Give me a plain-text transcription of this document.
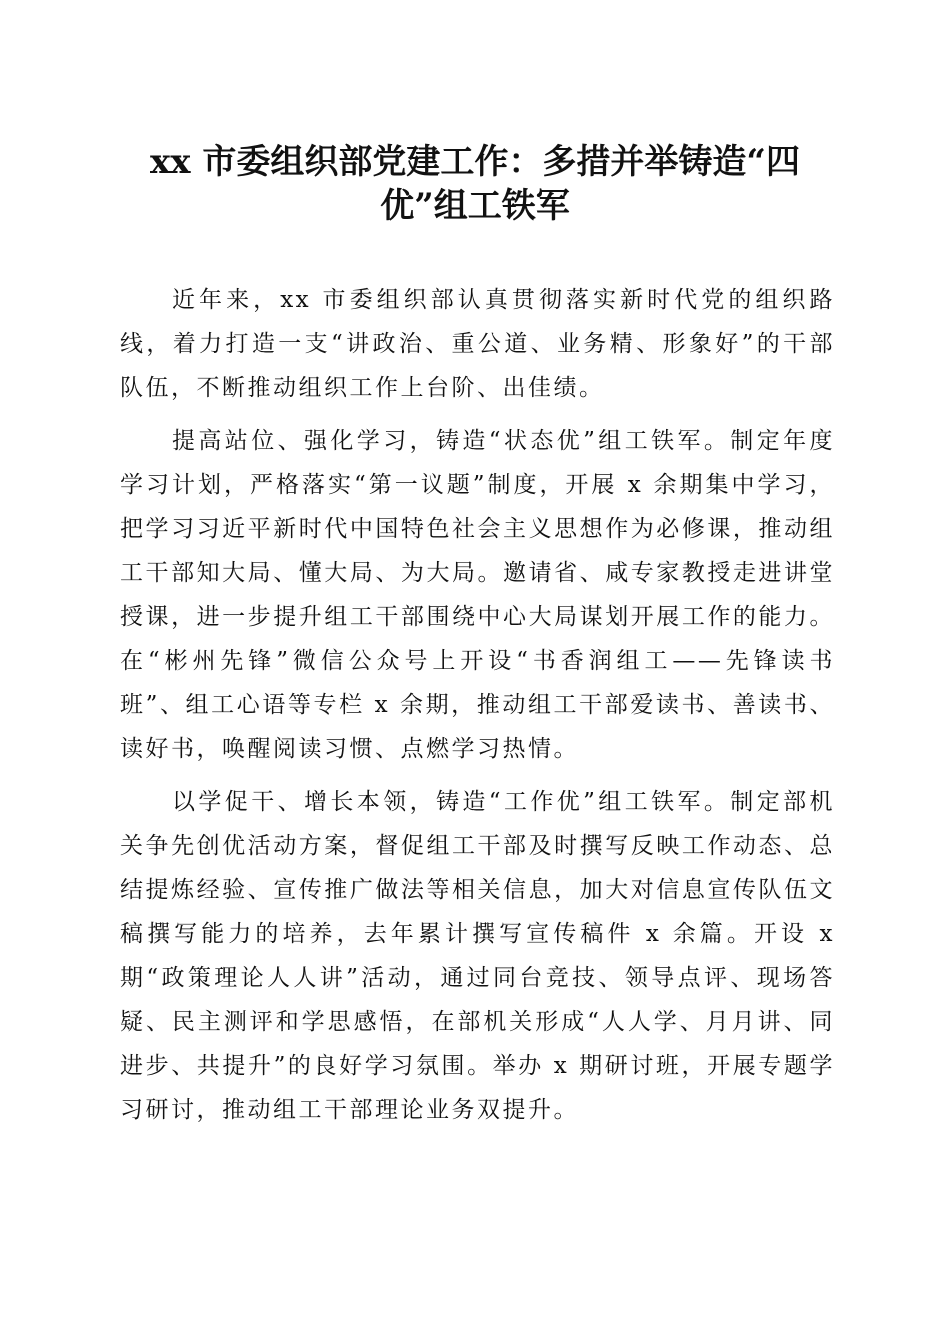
xx 市委组织部党建工作：多措并举铸造“四
优”组工铁军

近年来，xx 市委组织部认真贯彻落实新时代党的组织路线，着力打造一支“讲政治、重公道、业务精、形象好”的干部队伍，不断推动组织工作上台阶、出佳绩。

提高站位、强化学习，铸造“状态优”组工铁军。制定年度学习计划，严格落实“第一议题”制度，开展 x 余期集中学习，把学习习近平新时代中国特色社会主义思想作为必修课，推动组工干部知大局、懂大局、为大局。邀请省、咸专家教授走进讲堂授课，进一步提升组工干部围绕中心大局谋划开展工作的能力。在“彬州先锋”微信公众号上开设“书香润组工——先锋读书班”、组工心语等专栏 x 余期，推动组工干部爱读书、善读书、读好书，唤醒阅读习惯、点燃学习热情。

以学促干、增长本领，铸造“工作优”组工铁军。制定部机关争先创优活动方案，督促组工干部及时撰写反映工作动态、总结提炼经验、宣传推广做法等相关信息，加大对信息宣传队伍文稿撰写能力的培养，去年累计撰写宣传稿件 x 余篇。开设 x 期“政策理论人人讲”活动，通过同台竞技、领导点评、现场答疑、民主测评和学思感悟，在部机关形成“人人学、月月讲、同进步、共提升”的良好学习氛围。举办 x 期研讨班，开展专题学习研讨，推动组工干部理论业务双提升。
